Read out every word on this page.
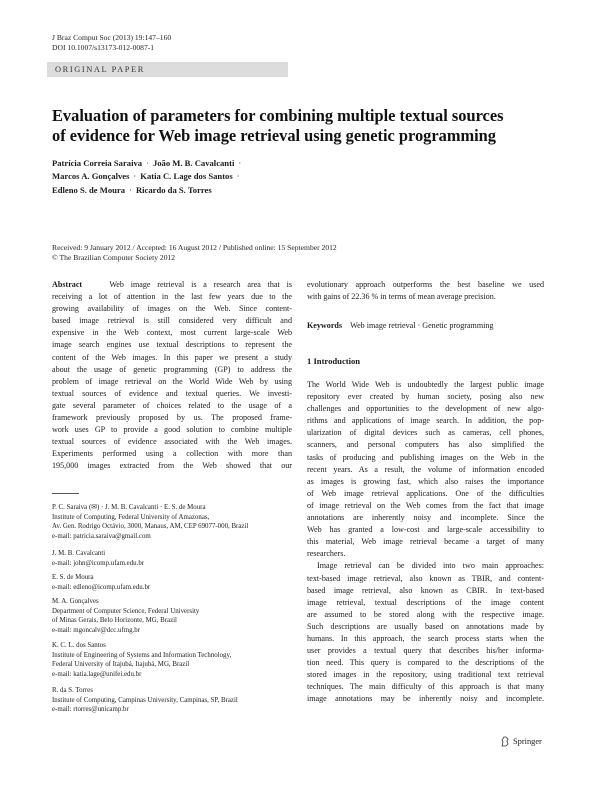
J Braz Comput Soc (2013) 19:147–160
DOI 10.1007/s13173-012-0087-1
ORIGINAL PAPER
Evaluation of parameters for combining multiple textual sources
of evidence for Web image retrieval using genetic programming
Patrícia Correia Saraiva · João M. B. Cavalcanti ·
Marcos A. Gonçalves · Katia C. Lage dos Santos ·
Edleno S. de Moura · Ricardo da S. Torres
Received: 9 January 2012 / Accepted: 16 August 2012 / Published online: 15 September 2012
© The Brazilian Computer Society 2012
Abstract	Web image retrieval is a research area that is
receiving a lot of attention in the last few years due to the
growing availability of images on the Web. Since content-
based image retrieval is still considered very difficult and
expensive in the Web context, most current large-scale Web
image search engines use textual descriptions to represent the
content of the Web images. In this paper we present a study
about the usage of genetic programming (GP) to address the
problem of image retrieval on the World Wide Web by using
textual sources of evidence and textual queries. We investi-
gate several parameter of choices related to the usage of a
framework previously proposed by us. The proposed frame-
work uses GP to provide a good solution to combine multiple
textual sources of evidence associated with the Web images.
Experiments performed using a collection with more than
195,000 images extracted from the Web showed that our
P. C. Saraiva (✉) · J. M. B. Cavalcanti · E. S. de Moura
Institute of Computing, Federal University of Amazonas,
Av. Gen. Rodrigo Octávio, 3000, Manaus, AM, CEP 69077-000, Brazil
e-mail: patricia.saraiva@gmail.com
J. M. B. Cavalcanti
e-mail: john@icomp.ufam.edu.br
E. S. de Moura
e-mail: edleno@icomp.ufam.edu.br
M. A. Gonçalves
Department of Computer Science, Federal University
of Minas Gerais, Belo Horizonte, MG, Brazil
e-mail: mgoncalv@dcc.ufmg.br
K. C. L. dos Santos
Institute of Engineering of Systems and Information Technology,
Federal University of Itajubá, Itajubá, MG, Brazil
e-mail: katia.lage@unifei.edu.br
R. da S. Torres
Institute of Computing, Campinas University, Campinas, SP, Brazil
e-mail: rtorres@unicamp.br
evolutionary approach outperforms the best baseline we used
with gains of 22.36 % in terms of mean average precision.
Keywords Web image retrieval · Genetic programming
1 Introduction
The World Wide Web is undoubtedly the largest public image
repository ever created by human society, posing also new
challenges and opportunities to the development of new algo-
rithms and applications of image search. In addition, the pop-
ularization of digital devices such as cameras, cell phones,
scanners, and personal computers has also simplified the
tasks of producing and publishing images on the Web in the
recent years. As a result, the volume of information encoded
as images is growing fast, which also raises the importance
of Web image retrieval applications. One of the difficulties
of image retrieval on the Web comes from the fact that image
annotations are inherently noisy and incomplete. Since the
Web has granted a low-cost and large-scale accessibility to
this material, Web image retrieval became a target of many
researchers.
Image retrieval can be divided into two main approaches:
text-based image retrieval, also known as TBIR, and content-
based image retrieval, also known as CBIR. In text-based
image retrieval, textual descriptions of the image content
are assumed to be stored along with the respective image.
Such descriptions are usually based on annotations made by
humans. In this approach, the search process starts when the
user provides a textual query that describes his/her informa-
tion need. This query is compared to the descriptions of the
stored images in the repository, using traditional text retrieval
techniques. The main difficulty of this approach is that many
image annotations may be inherently noisy and incomplete.
Springer
